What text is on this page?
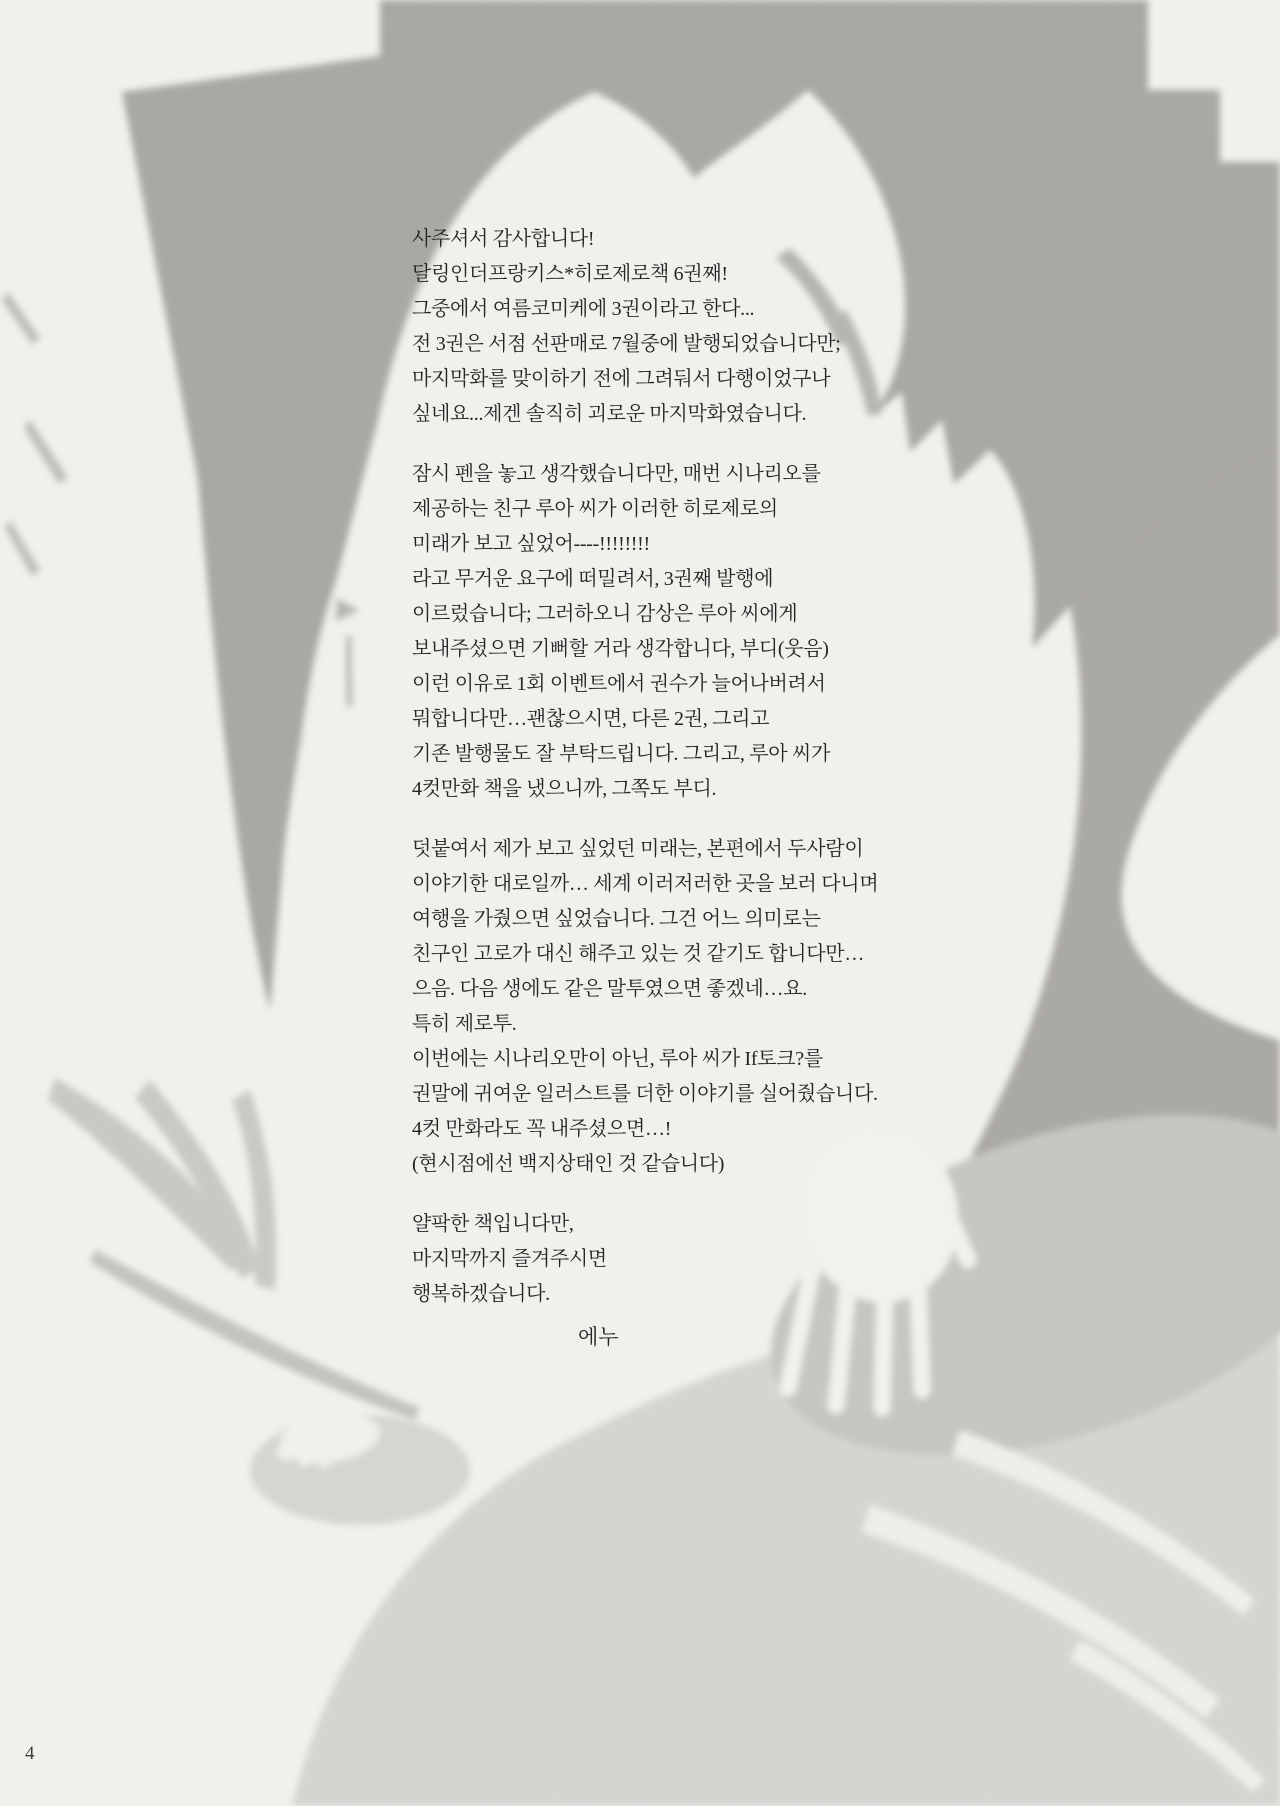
사주셔서 감사합니다!
달링인더프랑키스*히로제로책 6권째!
그중에서 여름코미케에 3권이라고 한다...
전 3권은 서점 선판매로 7월중에 발행되었습니다만;
마지막화를 맞이하기 전에 그려둬서 다행이었구나
싶네요...제겐 솔직히 괴로운 마지막화였습니다.
잠시 펜을 놓고 생각했습니다만, 매번 시나리오를
제공하는 친구 루아 씨가 이러한 히로제로의
미래가 보고 싶었어----!!!!!!!!
라고 무거운 요구에 떠밀려서, 3권째 발행에
이르렀습니다; 그러하오니 감상은 루아 씨에게
보내주셨으면 기뻐할 거라 생각합니다, 부디(웃음)
이런 이유로 1회 이벤트에서 권수가 늘어나버려서
뭐합니다만…괜찮으시면, 다른 2권, 그리고
기존 발행물도 잘 부탁드립니다. 그리고, 루아 씨가
4컷만화 책을 냈으니까, 그쪽도 부디.
덧붙여서 제가 보고 싶었던 미래는, 본편에서 두사람이
이야기한 대로일까… 세계 이러저러한 곳을 보러 다니며
여행을 가줬으면 싶었습니다. 그건 어느 의미로는
친구인 고로가 대신 해주고 있는 것 같기도 합니다만…
으음. 다음 생에도 같은 말투였으면 좋겠네…요.
특히 제로투.
이번에는 시나리오만이 아닌, 루아 씨가 If토크?를
권말에 귀여운 일러스트를 더한 이야기를 실어줬습니다.
4컷 만화라도 꼭 내주셨으면…!
(현시점에선 백지상태인 것 같습니다)
얄팍한 책입니다만,
마지막까지 즐겨주시면
행복하겠습니다.
에누
4
